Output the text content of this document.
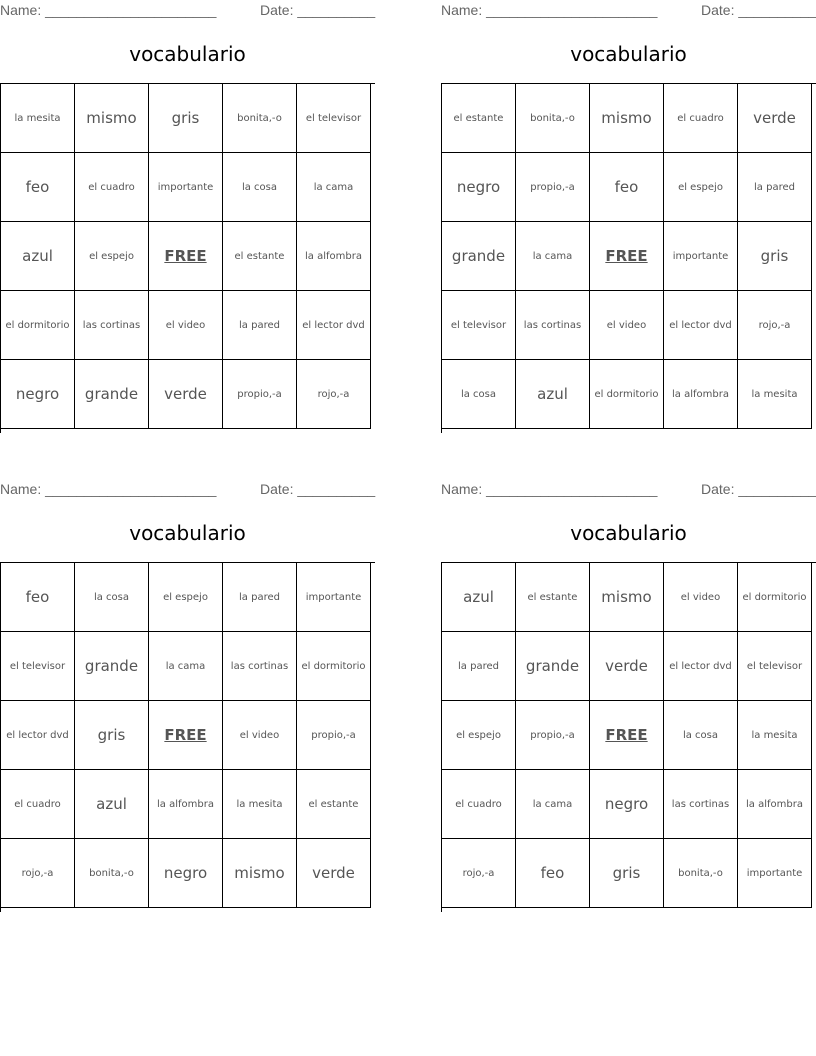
Name: ______________________	Date: __________
vocabulario
la mesita	mismo	gris	bonita,-o	el televisor
feo	el cuadro	importante	la cosa	la cama
azul	el espejo	FREE	el estante	la alfombra
el dormitorio	las cortinas	el video	la pared	el lector dvd
negro	grande	verde	propio,-a	rojo,-a
Name: ______________________	Date: __________
vocabulario
el estante	bonita,-o	mismo	el cuadro	verde
negro	propio,-a	feo	el espejo	la pared
grande	la cama	FREE	importante	gris
el televisor	las cortinas	el video	el lector dvd	rojo,-a
la cosa	azul	el dormitorio	la alfombra	la mesita
Name: ______________________	Date: __________
vocabulario
feo	la cosa	el espejo	la pared	importante
el televisor	grande	la cama	las cortinas	el dormitorio
el lector dvd	gris	FREE	el video	propio,-a
el cuadro	azul	la alfombra	la mesita	el estante
rojo,-a	bonita,-o	negro	mismo	verde
Name: ______________________	Date: __________
vocabulario
azul	el estante	mismo	el video	el dormitorio
la pared	grande	verde	el lector dvd	el televisor
el espejo	propio,-a	FREE	la cosa	la mesita
el cuadro	la cama	negro	las cortinas	la alfombra
rojo,-a	feo	gris	bonita,-o	importante
